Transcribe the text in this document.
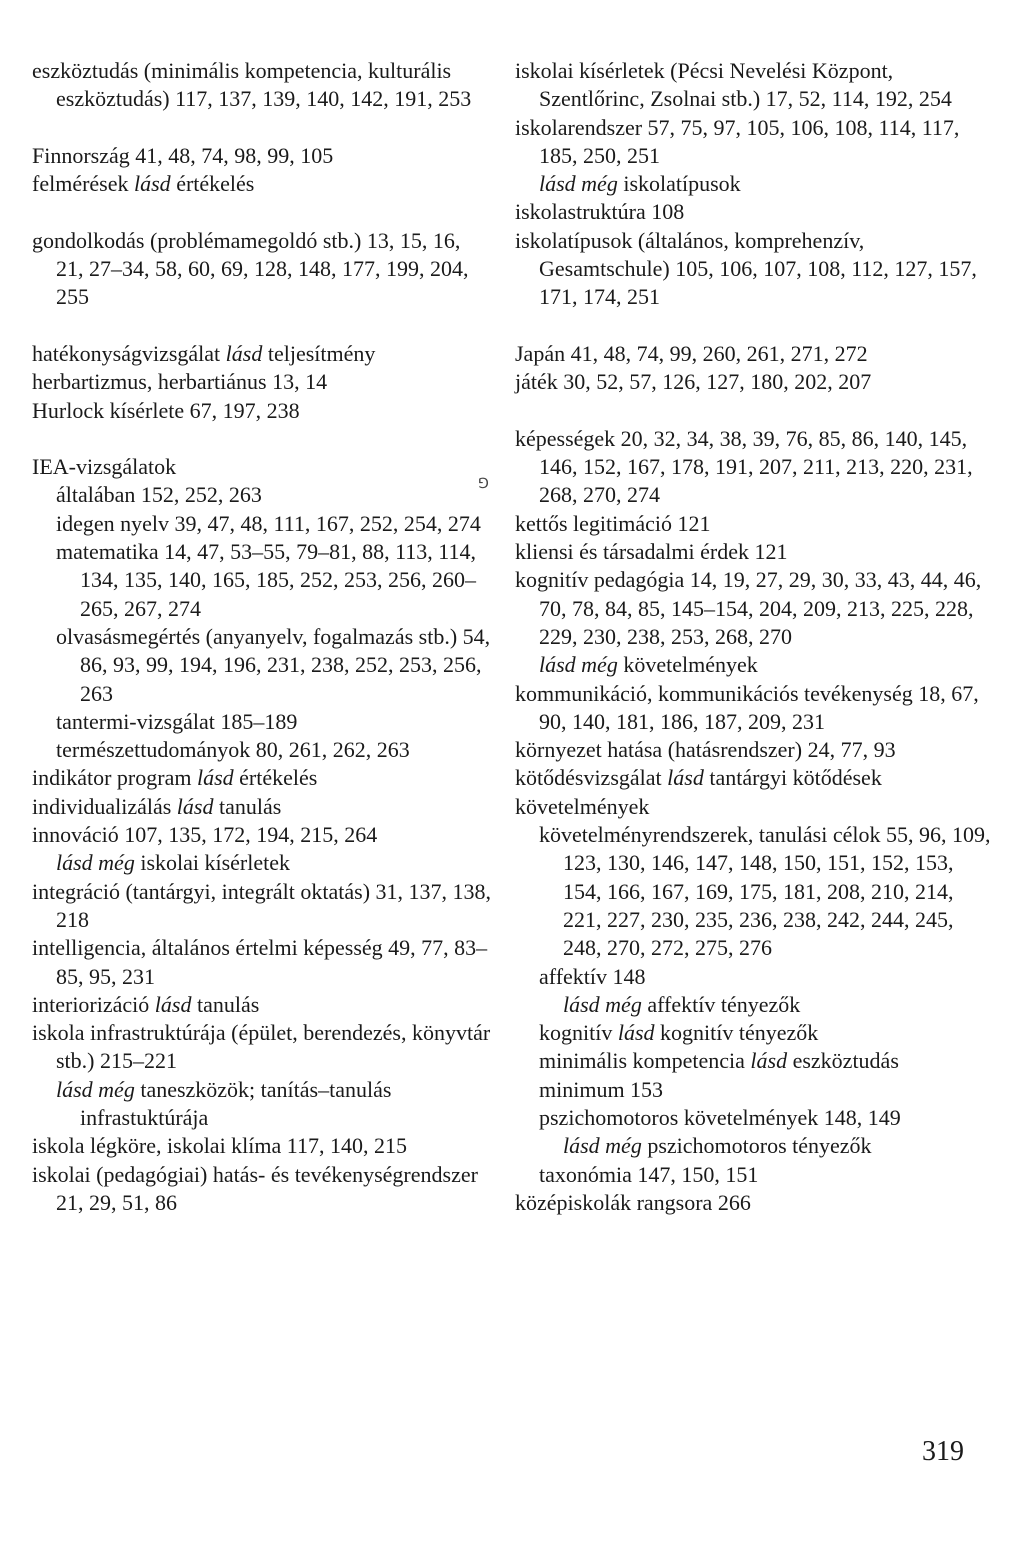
eszköztudás (minimális kompetencia, kulturális eszköztudás) 117, 137, 139, 140, 142, 191, 253

Finnország 41, 48, 74, 98, 99, 105

felmérések lásd értékelés

gondolkodás (problémamegoldó stb.) 13, 15, 16, 21, 27–34, 58, 60, 69, 128, 148, 177, 199, 204, 255

hatékonyságvizsgálat lásd teljesítmény

herbartizmus, herbartiánus 13, 14

Hurlock kísérlete 67, 197, 238

IEA-vizsgálatok

általában 152, 252, 263

idegen nyelv 39, 47, 48, 111, 167, 252, 254, 274

matematika 14, 47, 53–55, 79–81, 88, 113, 114, 134, 135, 140, 165, 185, 252, 253, 256, 260–265, 267, 274

olvasásmegértés (anyanyelv, fogalmazás stb.) 54, 86, 93, 99, 194, 196, 231, 238, 252, 253, 256, 263

tantermi-vizsgálat 185–189

természettudományok 80, 261, 262, 263

indikátor program lásd értékelés

individualizálás lásd tanulás

innováció 107, 135, 172, 194, 215, 264

lásd még iskolai kísérletek

integráció (tantárgyi, integrált oktatás) 31, 137, 138, 218

intelligencia, általános értelmi képesség 49, 77, 83–85, 95, 231

interiorizáció lásd tanulás

iskola infrastruktúrája (épület, berendezés, könyvtár stb.) 215–221

lásd még taneszközök; tanítás–tanulás infrastuktúrája

iskola légköre, iskolai klíma 117, 140, 215

iskolai (pedagógiai) hatás- és tevékenységrendszer 21, 29, 51, 86

iskolai kísérletek (Pécsi Nevelési Központ, Szentlőrinc, Zsolnai stb.) 17, 52, 114, 192, 254

iskolarendszer 57, 75, 97, 105, 106, 108, 114, 117, 185, 250, 251

lásd még iskolatípusok

iskolastruktúra 108

iskolatípusok (általános, komprehenzív, Gesamtschule) 105, 106, 107, 108, 112, 127, 157, 171, 174, 251

Japán 41, 48, 74, 99, 260, 261, 271, 272

játék 30, 52, 57, 126, 127, 180, 202, 207

képességek 20, 32, 34, 38, 39, 76, 85, 86, 140, 145, 146, 152, 167, 178, 191, 207, 211, 213, 220, 231, 268, 270, 274

kettős legitimáció 121

kliensi és társadalmi érdek 121

kognitív pedagógia 14, 19, 27, 29, 30, 33, 43, 44, 46, 70, 78, 84, 85, 145–154, 204, 209, 213, 225, 228, 229, 230, 238, 253, 268, 270

lásd még követelmények

kommunikáció, kommunikációs tevékenység 18, 67, 90, 140, 181, 186, 187, 209, 231

környezet hatása (hatásrendszer) 24, 77, 93

kötődésvizsgálat lásd tantárgyi kötődések

követelmények

követelményrendszerek, tanulási célok 55, 96, 109, 123, 130, 146, 147, 148, 150, 151, 152, 153, 154, 166, 167, 169, 175, 181, 208, 210, 214, 221, 227, 230, 235, 236, 238, 242, 244, 245, 248, 270, 272, 275, 276

affektív 148

lásd még affektív tényezők

kognitív lásd kognitív tényezők

minimális kompetencia lásd eszköztudás

minimum 153

pszichomotoros követelmények 148, 149

lásd még pszichomotoros tényezők

taxonómia 147, 150, 151

középiskolák rangsora 266

⅁
319
